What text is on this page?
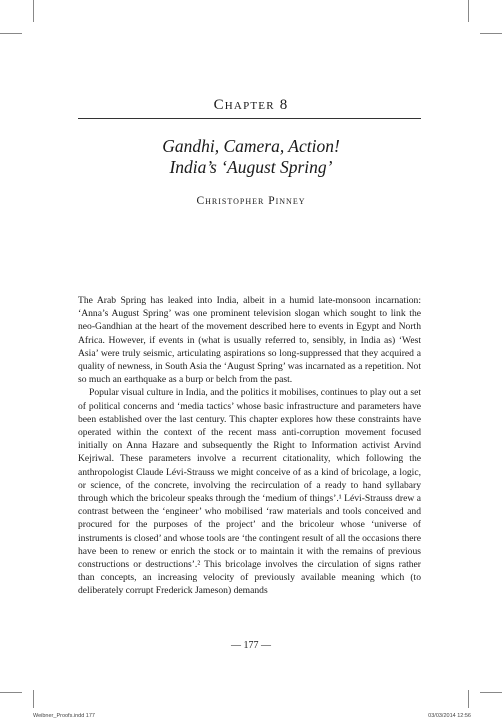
Chapter 8
Gandhi, Camera, Action!
India’s ‘August Spring’
Christopher Pinney

The Arab Spring has leaked into India, albeit in a humid late-monsoon incarnation: ‘Anna’s August Spring’ was one prominent television slogan which sought to link the neo-Gandhian at the heart of the movement described here to events in Egypt and North Africa. However, if events in (what is usually referred to, sensibly, in India as) ‘West Asia’ were truly seismic, articulating aspirations so long-suppressed that they acquired a quality of newness, in South Asia the ‘August Spring’ was incarnated as a repetition. Not so much an earthquake as a burp or belch from the past.

Popular visual culture in India, and the politics it mobilises, continues to play out a set of political concerns and ‘media tactics’ whose basic infrastructure and parameters have been established over the last century. This chapter explores how these constraints have operated within the context of the recent mass anti-corruption movement focused initially on Anna Hazare and subsequently the Right to Information activist Arvind Kejriwal. These parameters involve a recurrent citationality, which following the anthropologist Claude Lévi-Strauss we might conceive of as a kind of bricolage, a logic, or science, of the concrete, involving the recirculation of a ready to hand syllabary through which the bricoleur speaks through the ‘medium of things’.¹ Lévi-Strauss drew a contrast between the ‘engineer’ who mobilised ‘raw materials and tools conceived and procured for the purposes of the project’ and the bricoleur whose ‘universe of instruments is closed’ and whose tools are ‘the contingent result of all the occasions there have been to renew or enrich the stock or to maintain it with the remains of previous constructions or destructions’.² This bricolage involves the circulation of signs rather than concepts, an increasing velocity of previously available meaning which (to deliberately corrupt Frederick Jameson) demands

— 177 —
Weibner_Proofs.indd 177	03/03/2014 12:56
